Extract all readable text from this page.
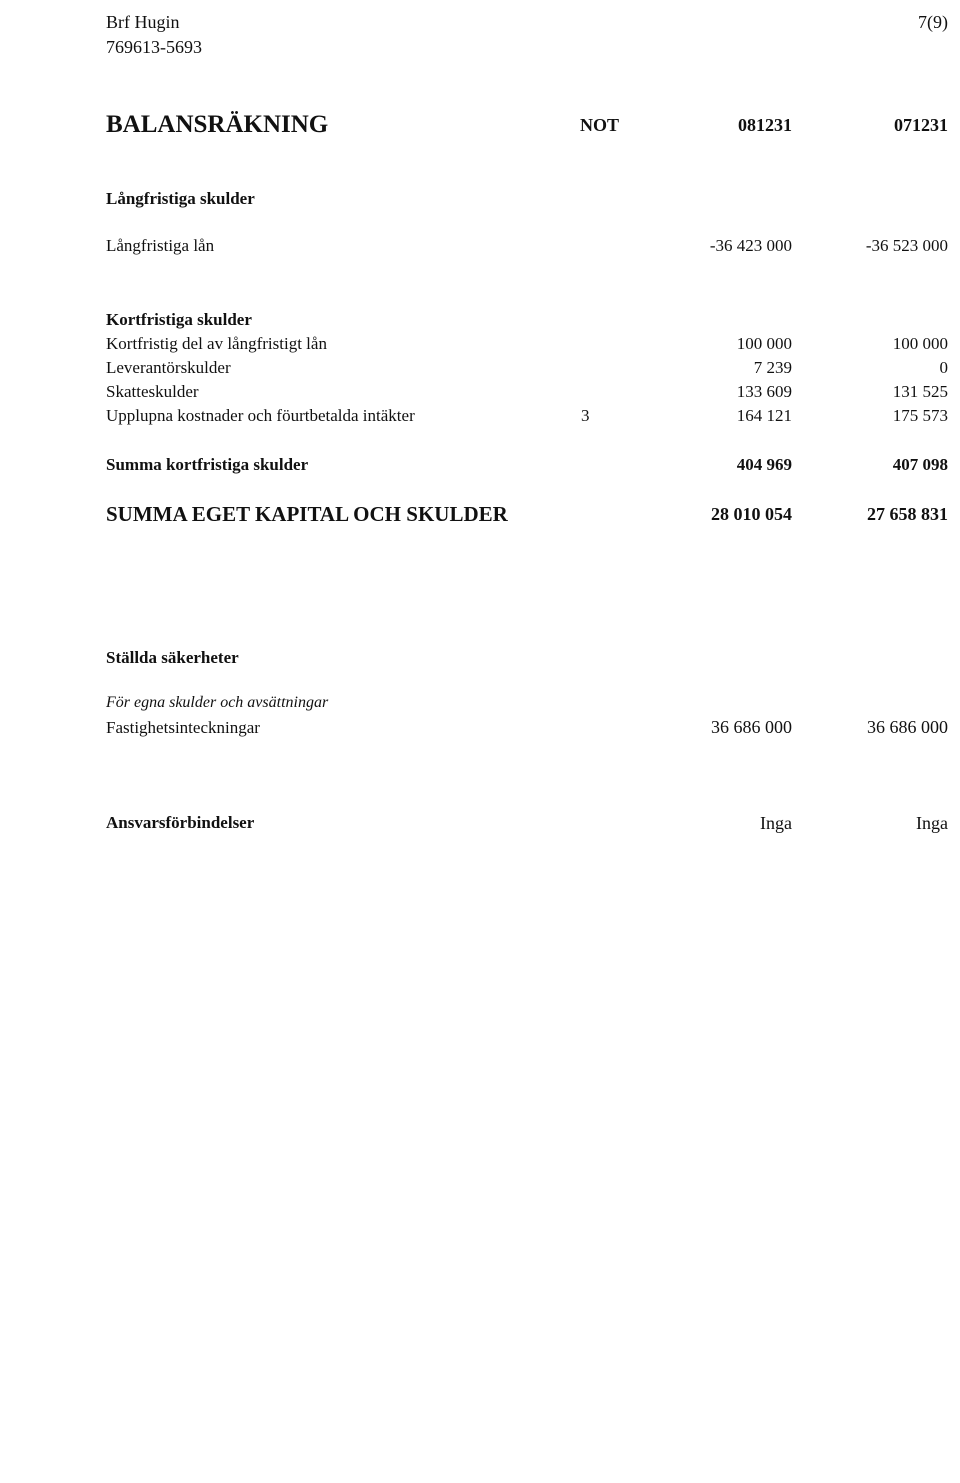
Brf Hugin
769613-5693
7(9)
BALANSRÄKNING	NOT	081231	071231
Långfristiga skulder
Långfristiga lån	-36 423 000	-36 523 000
Kortfristiga skulder
Kortfristig del av långfristigt lån	100 000	100 000
Leverantörskulder	7 239	0
Skatteskulder	133 609	131 525
Upplupna kostnader och föurtbetalda intäkter	3	164 121	175 573
Summa kortfristiga skulder	404 969	407 098
SUMMA EGET KAPITAL OCH SKULDER	28 010 054	27 658 831
Ställda säkerheter
För egna skulder och avsättningar
Fastighetsinteckningar	36 686 000	36 686 000
Ansvarsförbindelser	Inga	Inga
